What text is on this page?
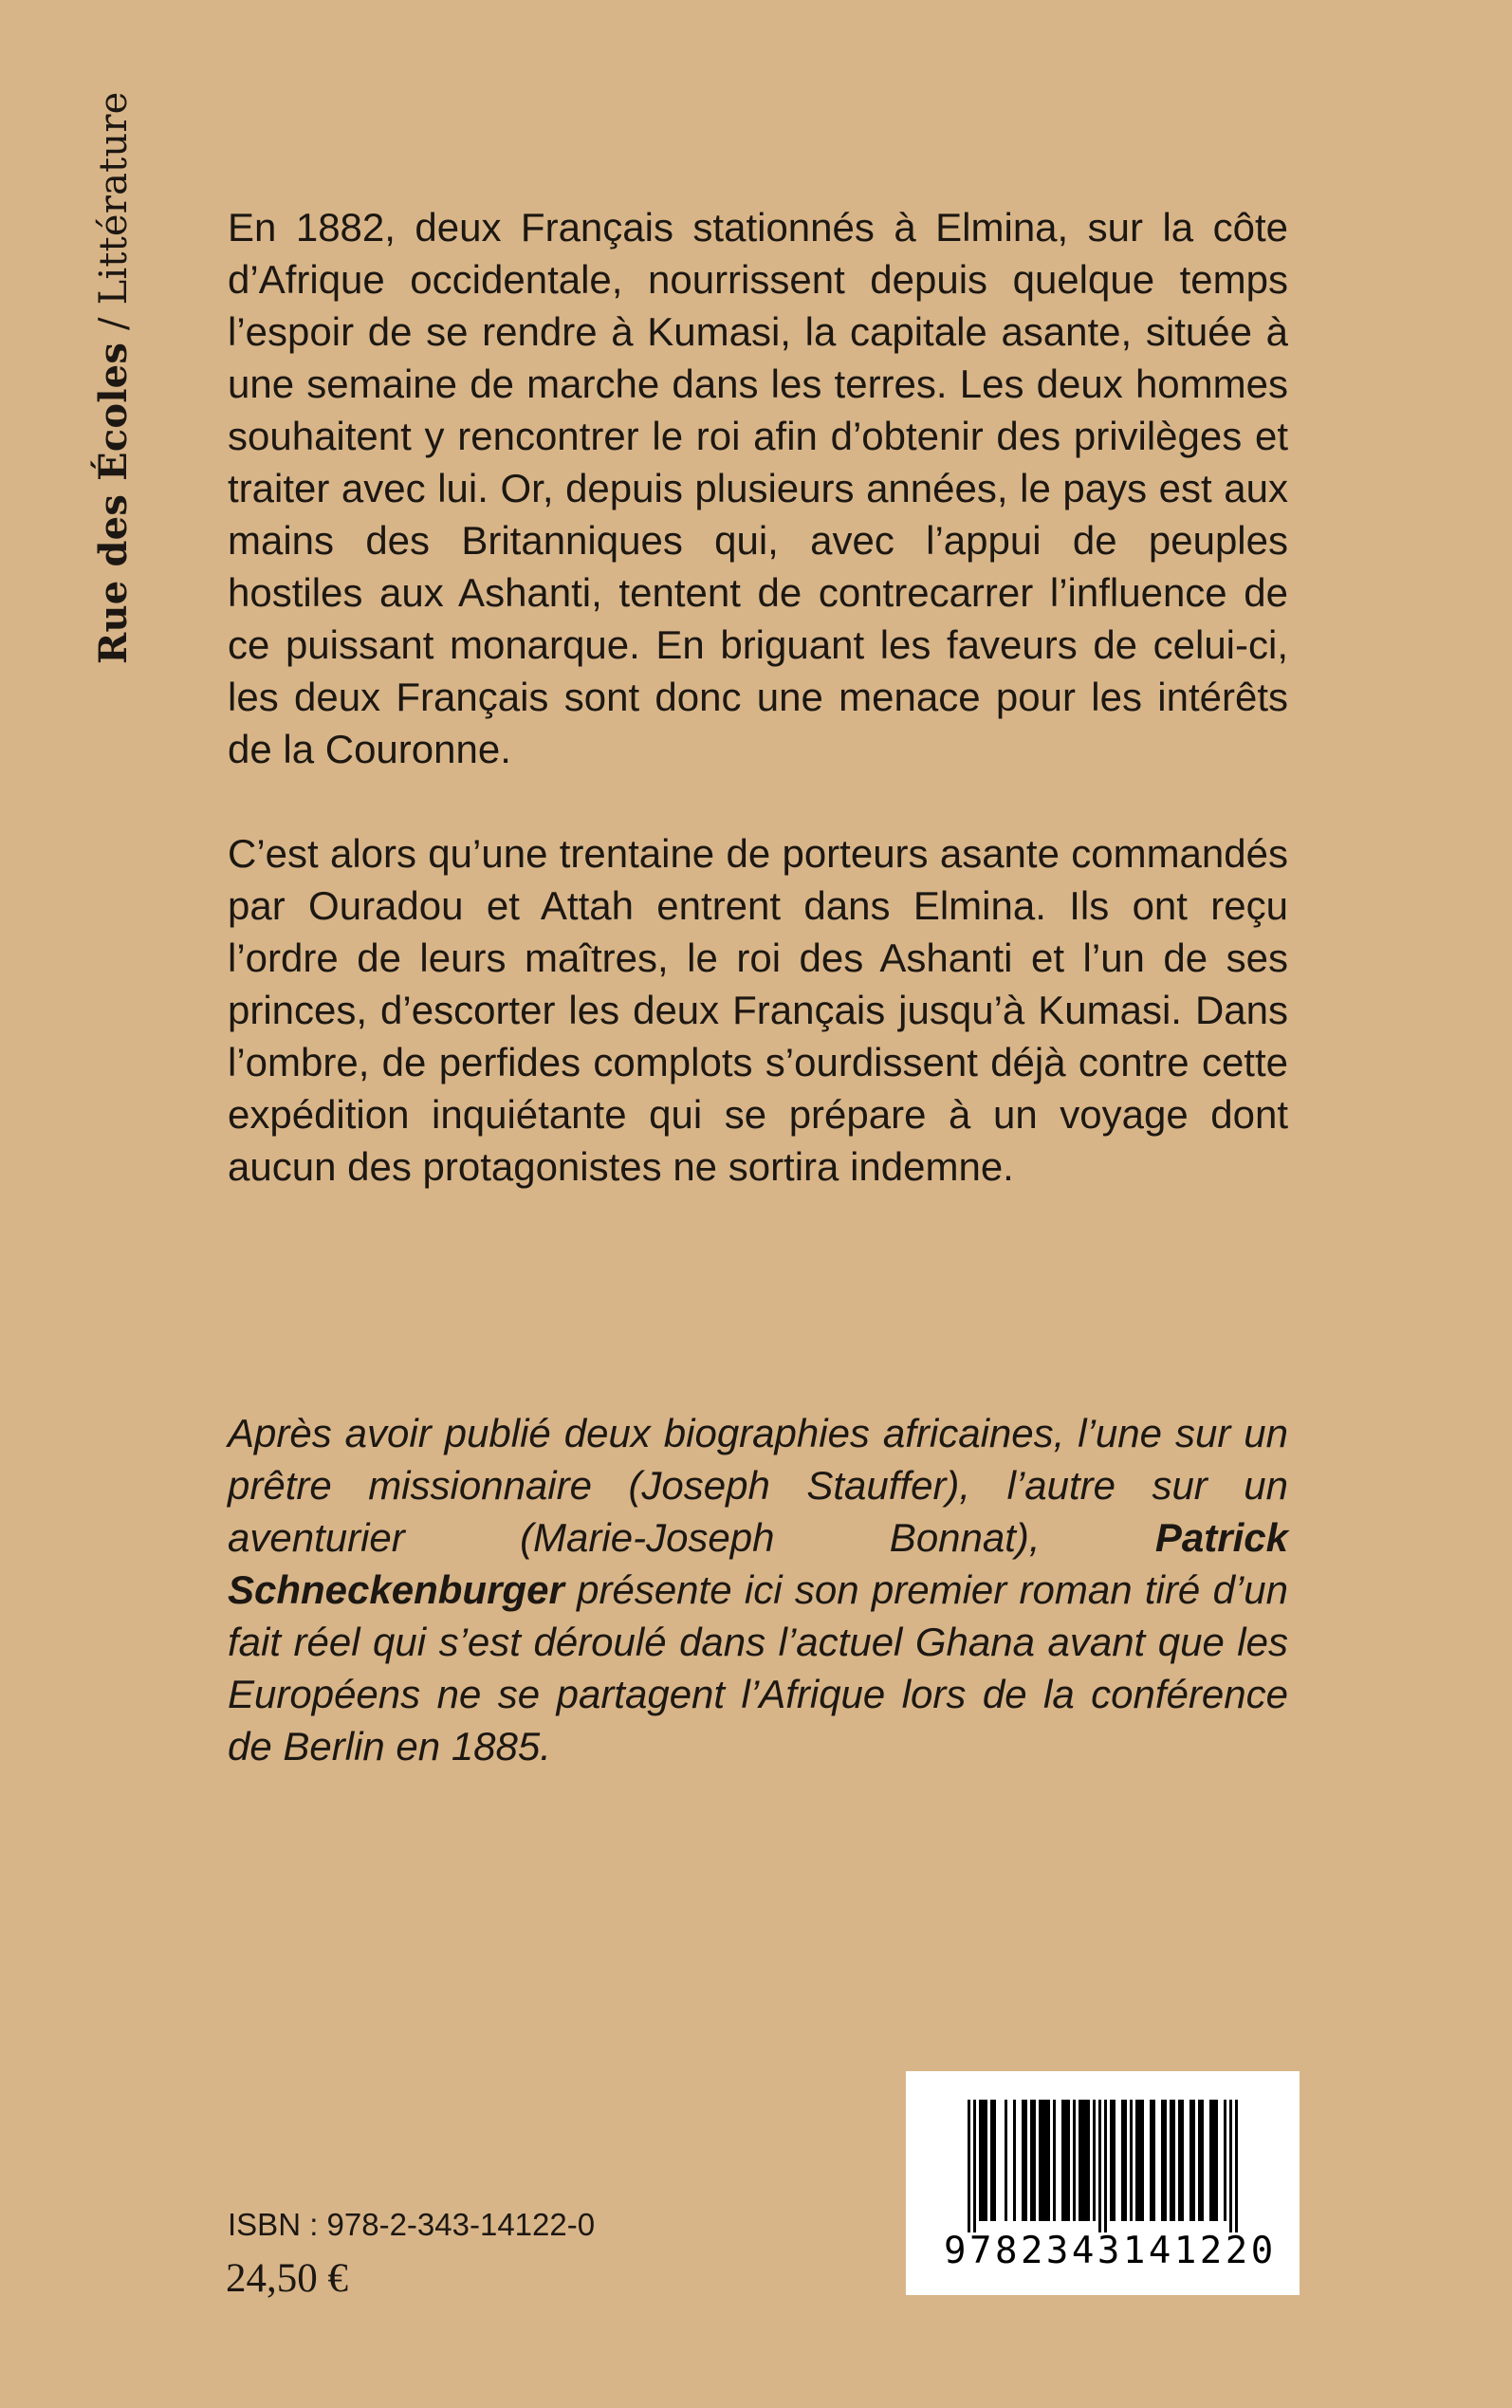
Rue des Écoles / Littérature En 1882, deux Français stationnés à Elmina, sur la côte d’Afrique occidentale, nourrissent depuis quelque temps l’espoir de se rendre à Kumasi, la capitale asante, située à une semaine de marche dans les terres. Les deux hommes souhaitent y rencontrer le roi afin d’obtenir des privilèges et traiter avec lui. Or, depuis plusieurs années, le pays est aux mains des Britanniques qui, avec l’appui de peuples hostiles aux Ashanti, tentent de contrecarrer l’influence de ce puissant monarque. En briguant les faveurs de celui-ci, les deux Français sont donc une menace pour les intérêts de la Couronne.

C’est alors qu’une trentaine de porteurs asante commandés par Ouradou et Attah entrent dans Elmina. Ils ont reçu l’ordre de leurs maîtres, le roi des Ashanti et l’un de ses princes, d’escorter les deux Français jusqu’à Kumasi. Dans l’ombre, de perfides complots s’ourdissent déjà contre cette expédition inquiétante qui se prépare à un voyage dont aucun des protagonistes ne sortira indemne.

Après avoir publié deux biographies africaines, l’une sur un prêtre missionnaire (Joseph Stauffer), l’autre sur un aventurier (Marie-Joseph Bonnat), Patrick Schneckenburger présente ici son premier roman tiré d’un fait réel qui s’est déroulé dans l’actuel Ghana avant que les Européens ne se partagent l’Afrique lors de la conférence de Berlin en 1885.

ISBN : 978-2-343-14122-0
24,50 €
9782343141220
